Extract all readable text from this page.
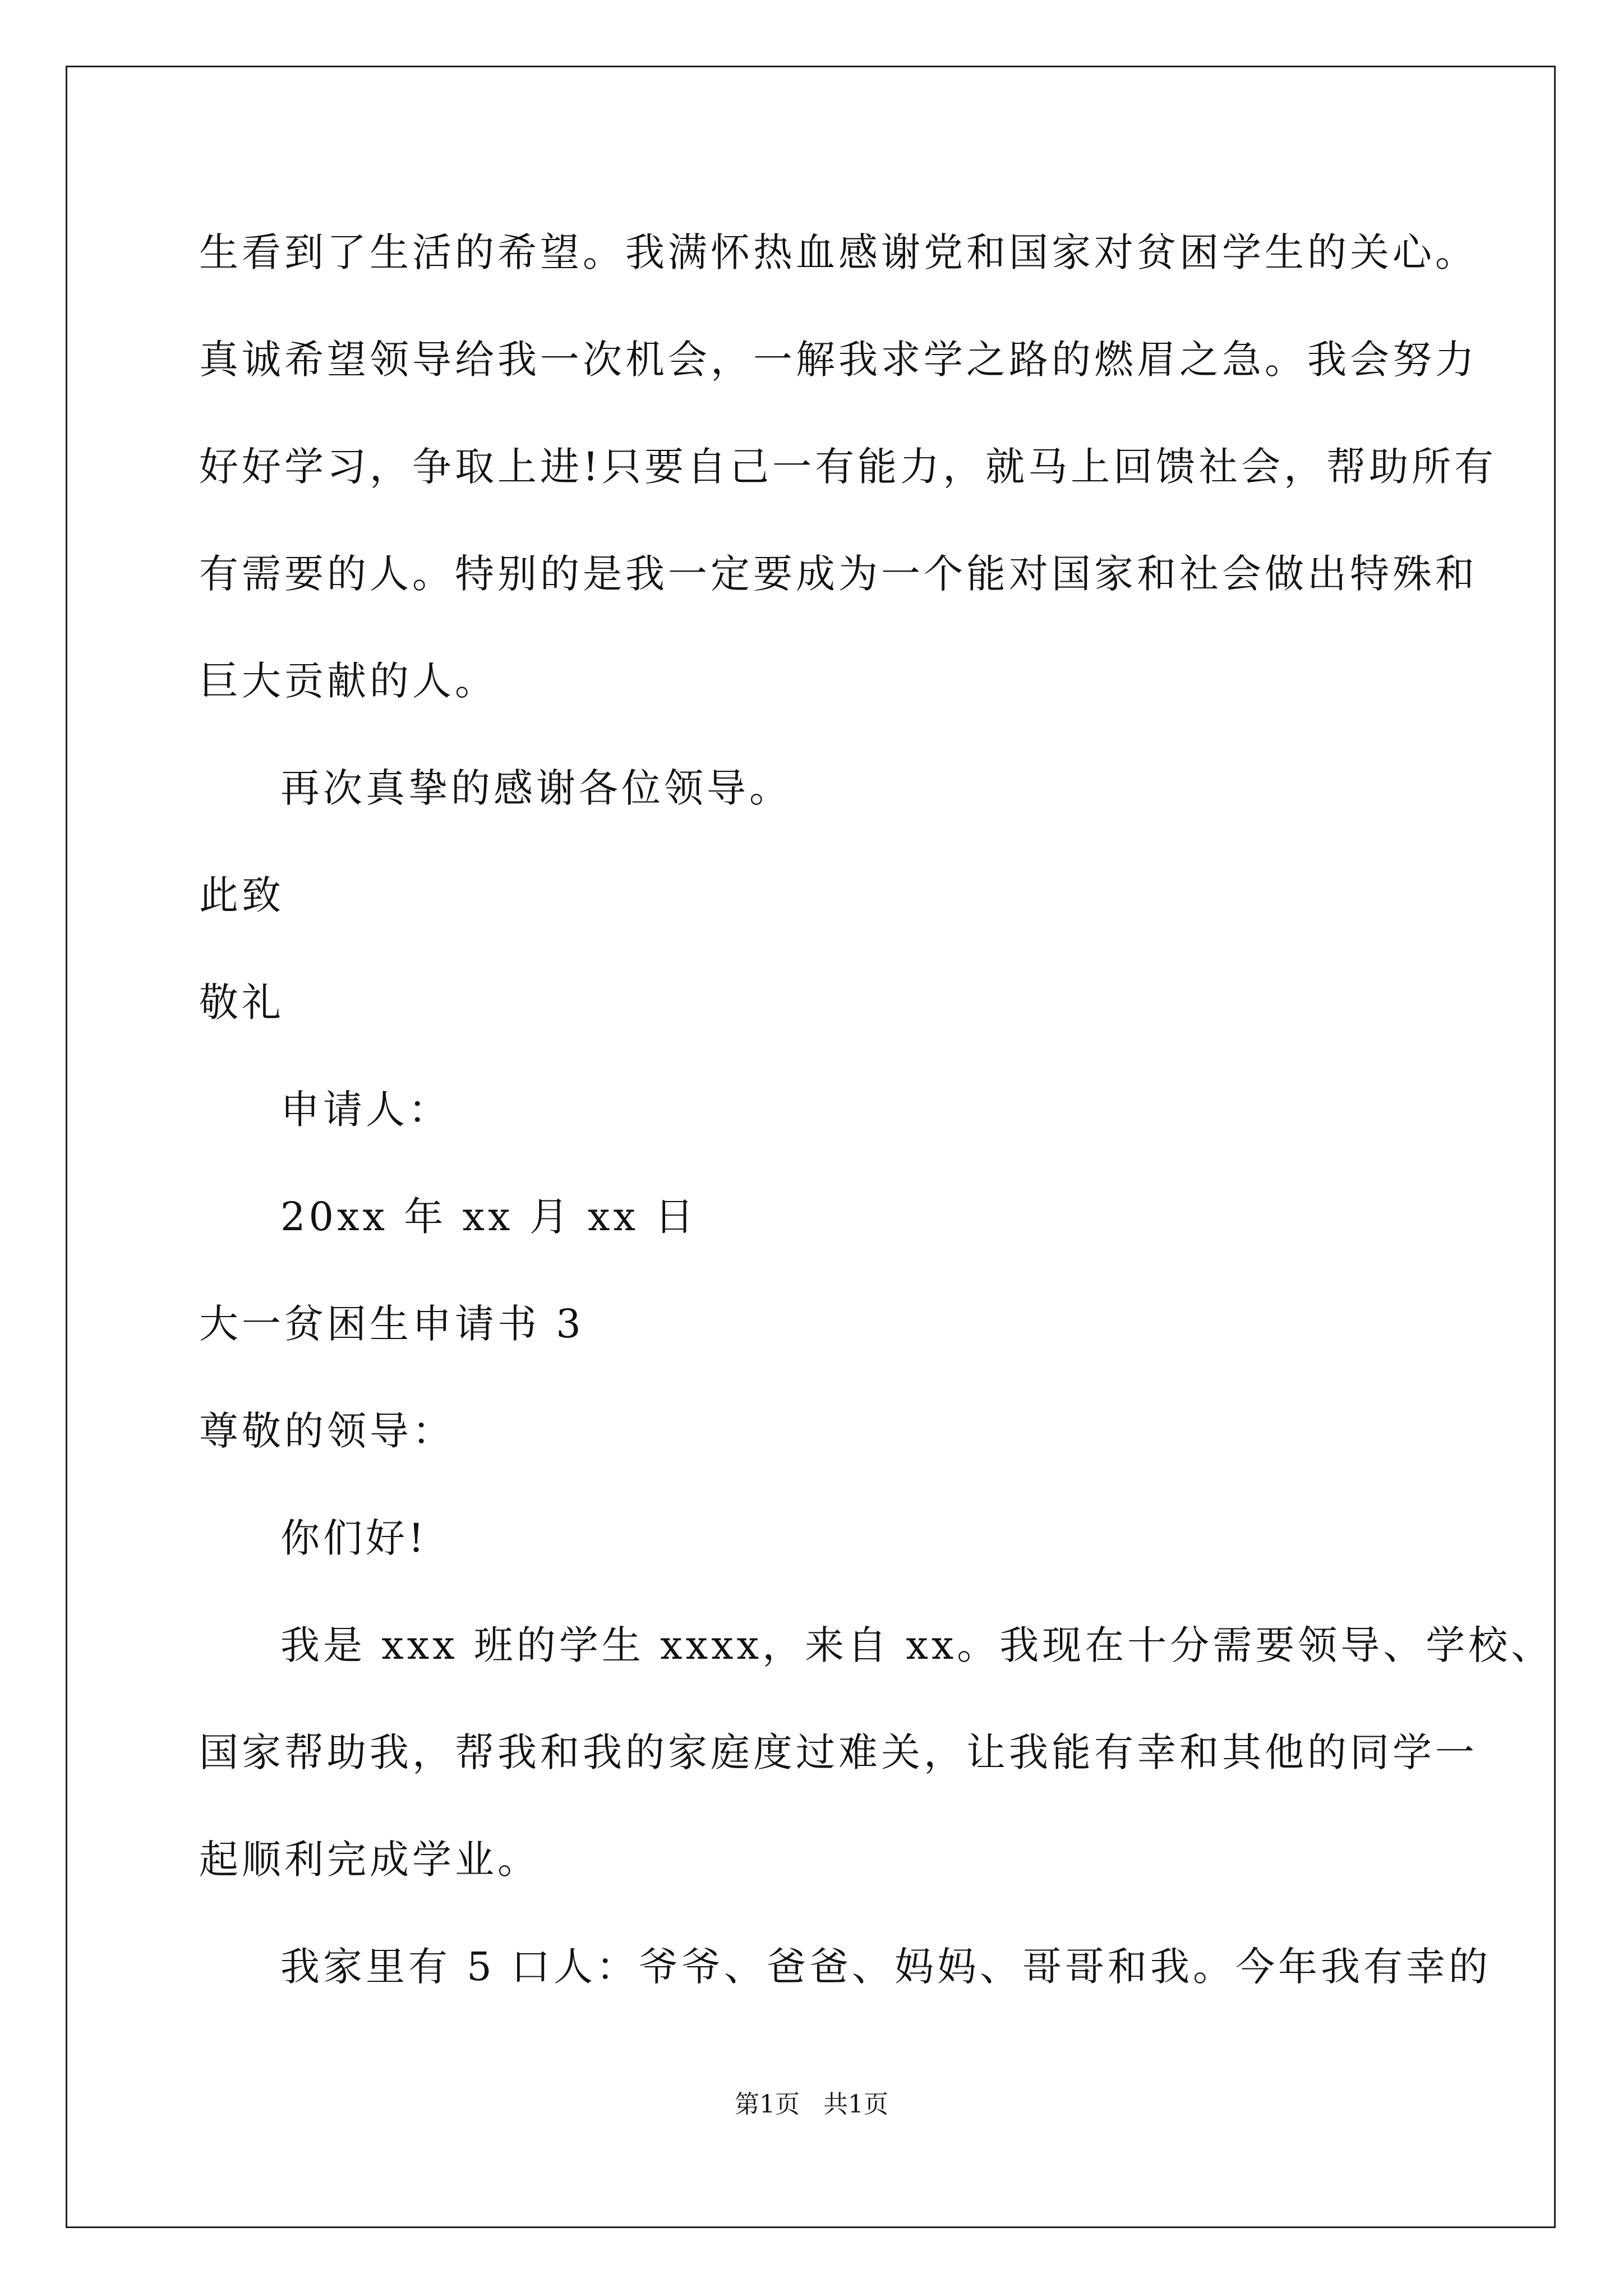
生看到了生活的希望。我满怀热血感谢党和国家对贫困学生的关心。
真诚希望领导给我一次机会，一解我求学之路的燃眉之急。我会努力
好好学习，争取上进!只要自己一有能力，就马上回馈社会，帮助所有
有需要的人。特别的是我一定要成为一个能对国家和社会做出特殊和
巨大贡献的人。
再次真挚的感谢各位领导。
此致
敬礼
申请人：
20xx 年 xx 月 xx 日
大一贫困生申请书 3
尊敬的领导：
你们好!
我是 xxx 班的学生 xxxx，来自 xx。我现在十分需要领导、学校、
国家帮助我，帮我和我的家庭度过难关，让我能有幸和其他的同学一
起顺利完成学业。
我家里有 5 口人：爷爷、爸爸、妈妈、哥哥和我。今年我有幸的
第1页   共1页
